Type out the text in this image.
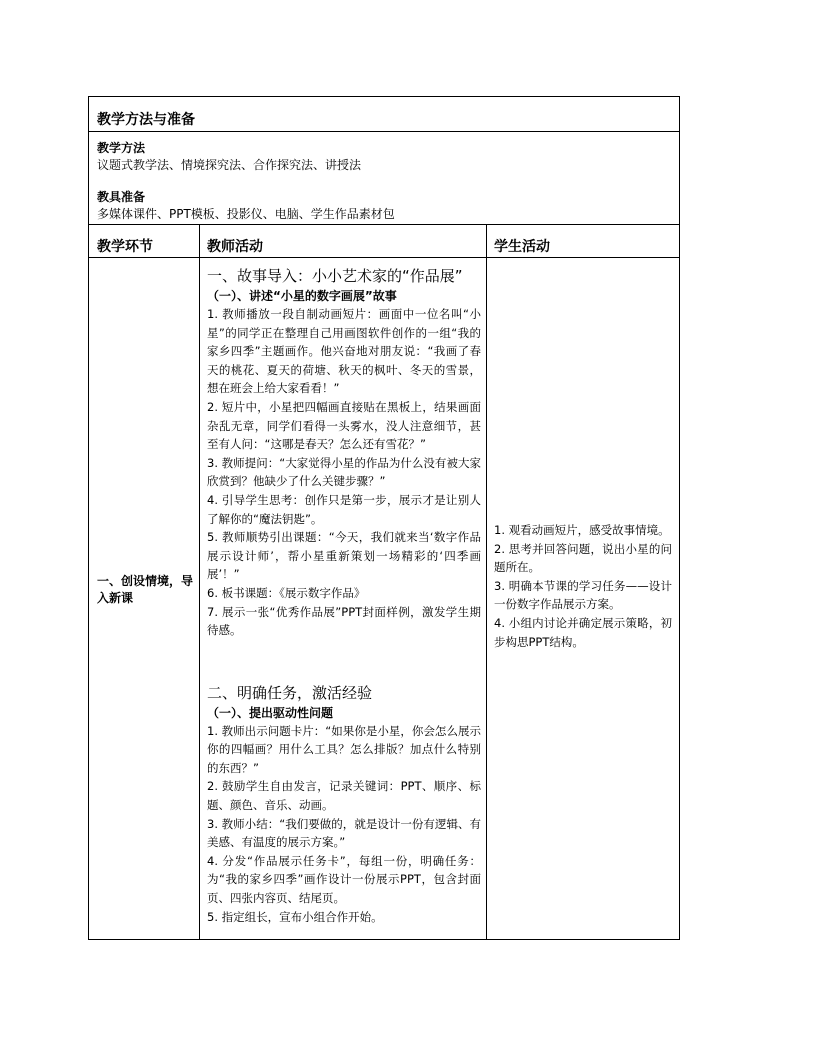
教学方法与准备
教学方法
议题式教学法、情境探究法、合作探究法、讲授法
教具准备
多媒体课件、PPT模板、投影仪、电脑、学生作品素材包
教学环节	教师活动	学生活动
一、创设情境，导入新课
一、故事导入：小小艺术家的“作品展”
（一）、讲述“小星的数字画展”故事
1. 教师播放一段自制动画短片：画面中一位名叫“小星”的同学正在整理自己用画图软件创作的一组“我的家乡四季”主题画作。他兴奋地对朋友说：“我画了春天的桃花、夏天的荷塘、秋天的枫叶、冬天的雪景，想在班会上给大家看看！”
2. 短片中，小星把四幅画直接贴在黑板上，结果画面杂乱无章，同学们看得一头雾水，没人注意细节，甚至有人问：“这哪是春天？怎么还有雪花？”
3. 教师提问：“大家觉得小星的作品为什么没有被大家欣赏到？他缺少了什么关键步骤？”
4. 引导学生思考：创作只是第一步，展示才是让别人了解你的“魔法钥匙”。
5. 教师顺势引出课题：“今天，我们就来当‘数字作品展示设计师’，帮小星重新策划一场精彩的‘四季画展’！”
6. 板书课题：《展示数字作品》
7. 展示一张“优秀作品展”PPT封面样例，激发学生期待感。
二、明确任务，激活经验
（一）、提出驱动性问题
1. 教师出示问题卡片：“如果你是小星，你会怎么展示你的四幅画？用什么工具？怎么排版？加点什么特别的东西？”
2. 鼓励学生自由发言，记录关键词：PPT、顺序、标题、颜色、音乐、动画。
3. 教师小结：“我们要做的，就是设计一份有逻辑、有美感、有温度的展示方案。”
4. 分发“作品展示任务卡”，每组一份，明确任务：为“我的家乡四季”画作设计一份展示PPT，包含封面页、四张内容页、结尾页。
5. 指定组长，宣布小组合作开始。
1. 观看动画短片，感受故事情境。
2. 思考并回答问题，说出小星的问题所在。
3. 明确本节课的学习任务——设计一份数字作品展示方案。
4. 小组内讨论并确定展示策略，初步构思PPT结构。
